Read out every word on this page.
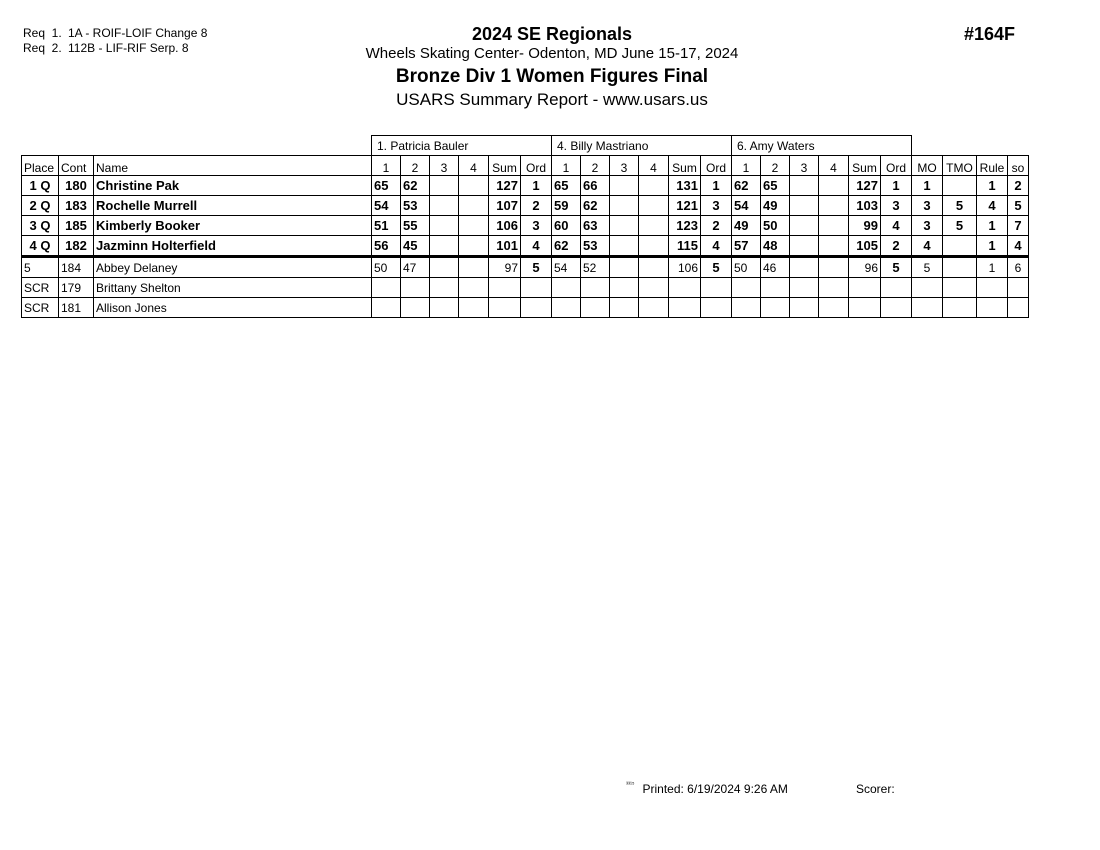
Req  1. 1A - ROIF-LOIF Change 8
Req  2. 112B - LIF-RIF Serp. 8
2024 SE Regionals
Wheels Skating Center- Odenton, MD June 15-17, 2024
Bronze Div 1 Women Figures Final
USARS Summary Report - www.usars.us
#164F
			1. Patricia Bauler						4. Billy Mastriano						6. Amy Waters									
Place	Cont	Name	1	2	3	4	Sum	Ord	1	2	3	4	Sum	Ord	1	2	3	4	Sum	Ord	MO	TMO	Rule	so
1 Q	180	Christine Pak	65	62			127	1	65	66			131	1	62	65			127	1	1		1	2
2 Q	183	Rochelle Murrell	54	53			107	2	59	62			121	3	54	49			103	3	3	5	4	5
3 Q	185	Kimberly Booker	51	55			106	3	60	63			123	2	49	50			99	4	3	5	1	7
4 Q	182	Jazminn Holterfield	56	45			101	4	62	53			115	4	57	48			105	2	4		1	4
5	184	Abbey Delaney	50	47			97	5	54	52			106	5	50	46			96	5	5		1	6
SCR	179	Brittany Shelton																						
SCR	181	Allison Jones																						
$^{^{3315}}$ Printed: 6/19/2024 9:26 AM	Scorer:
